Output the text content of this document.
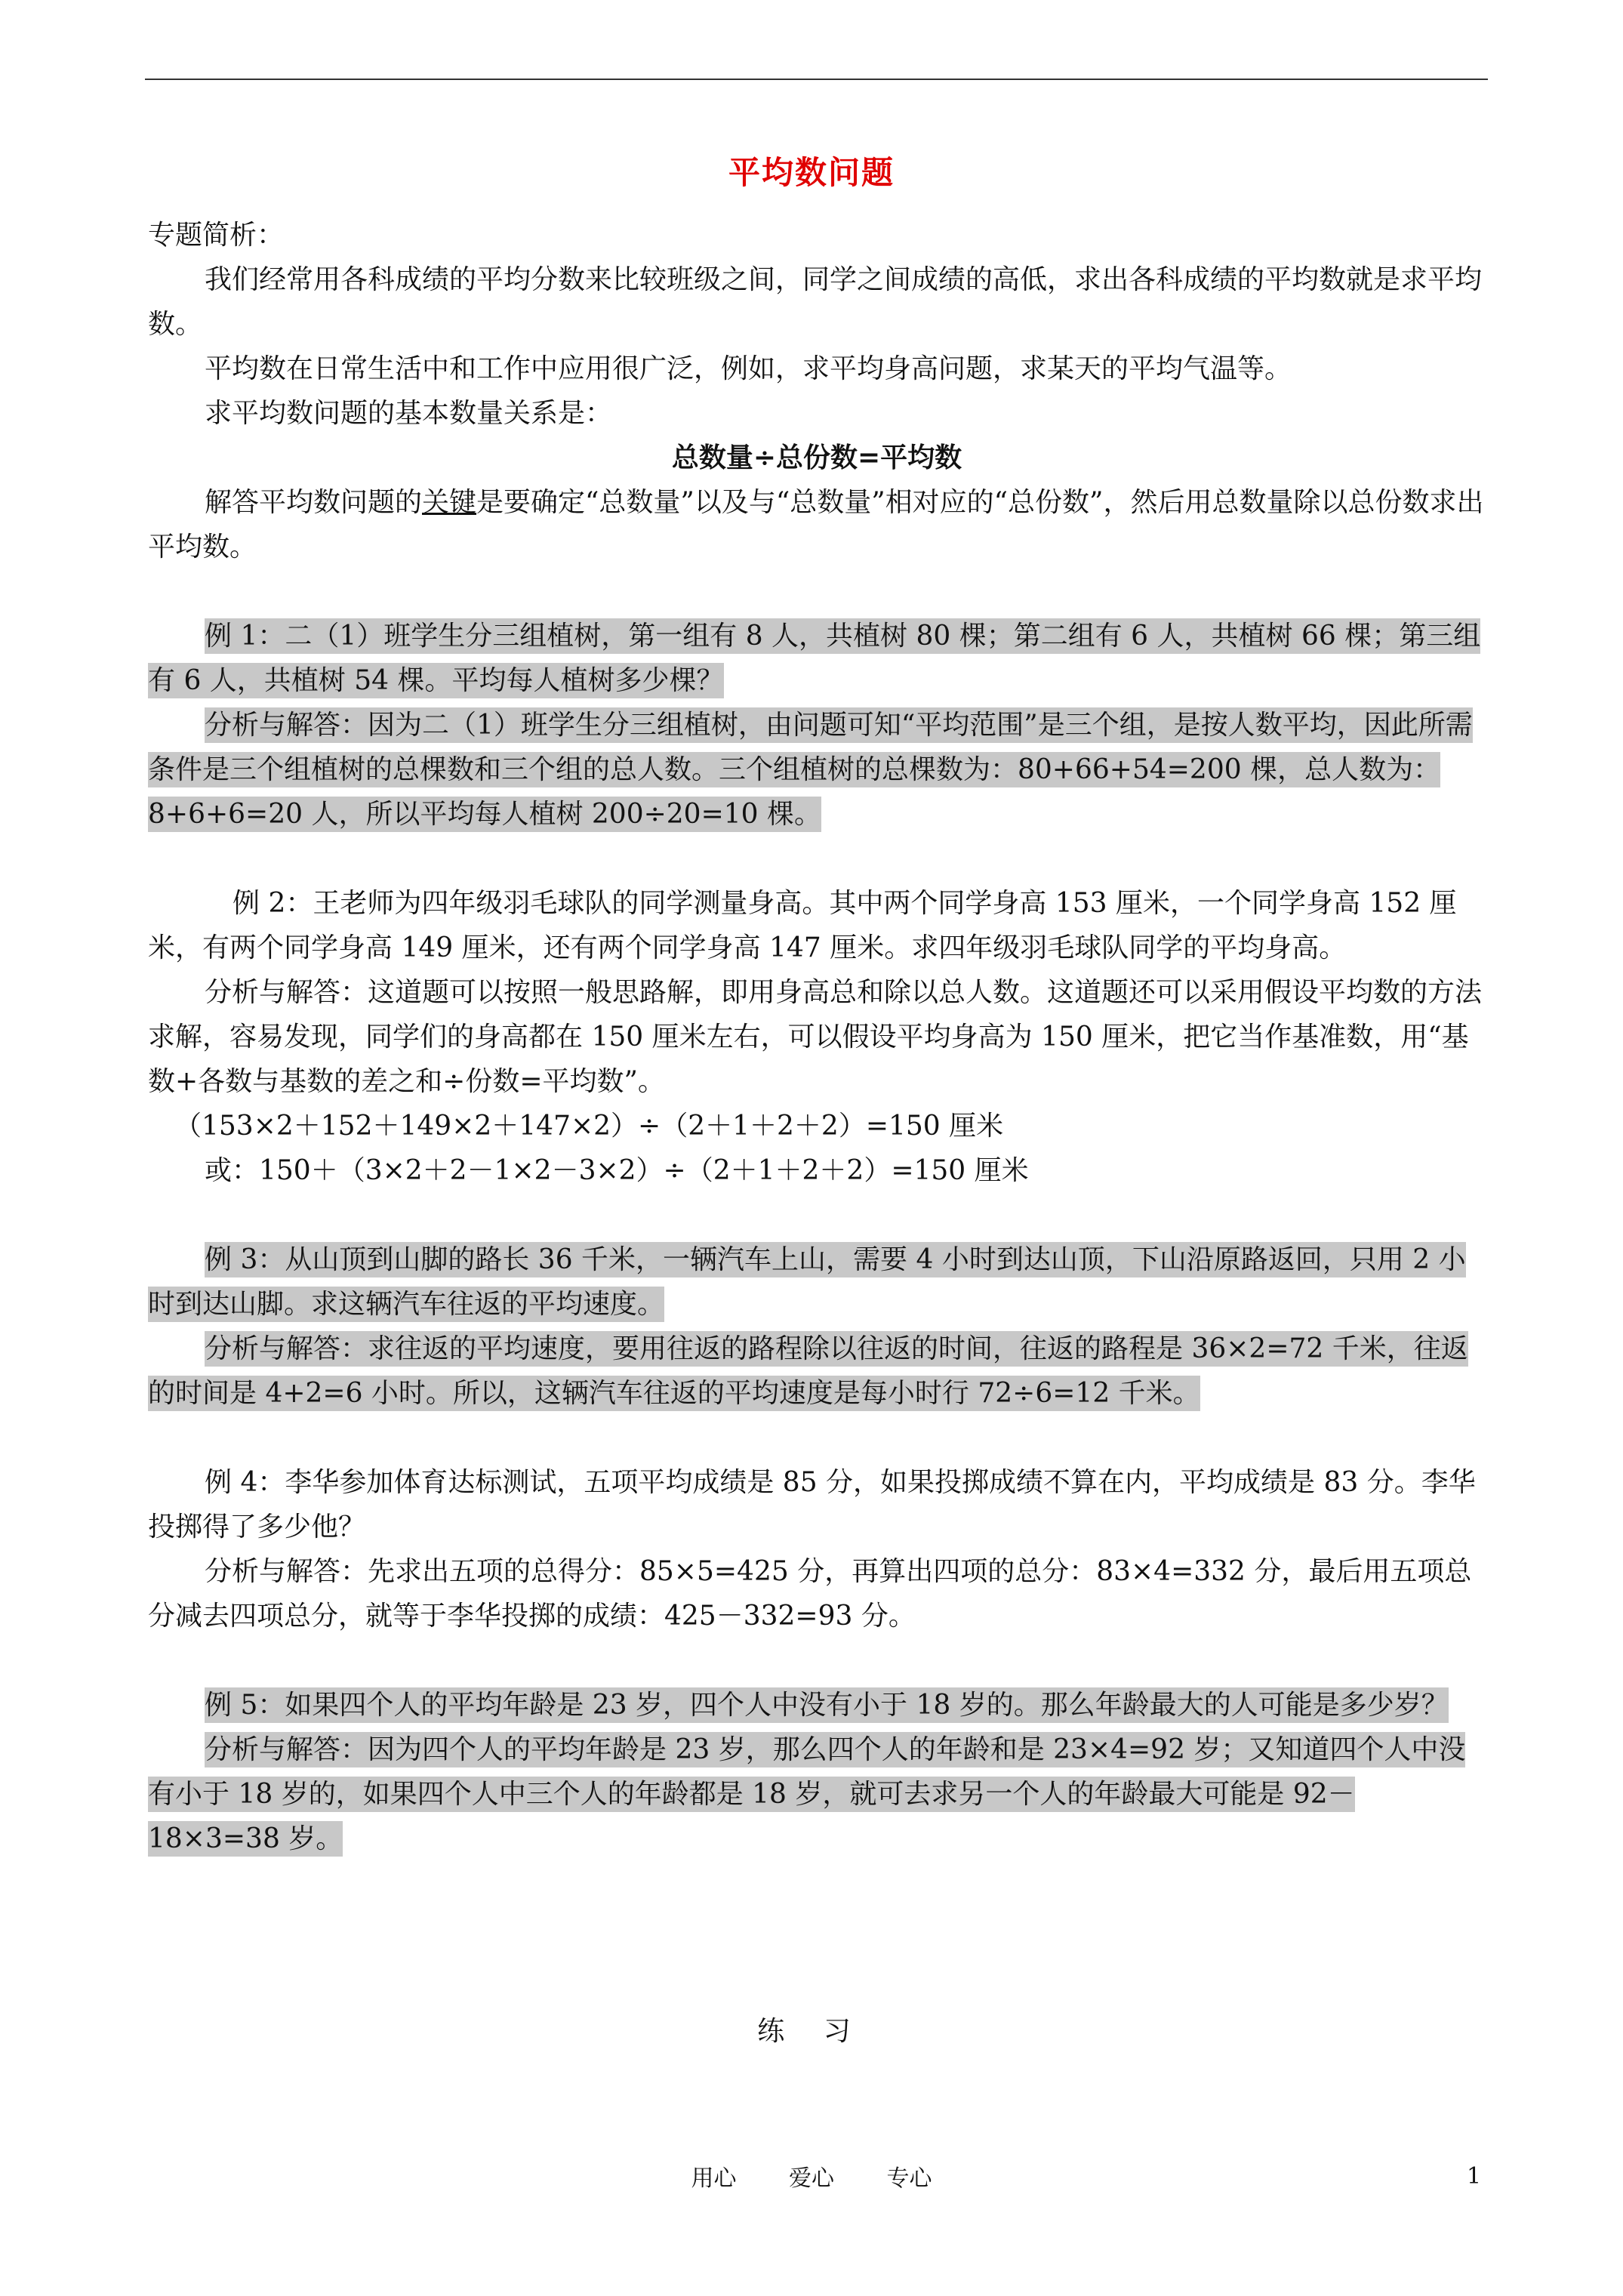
平均数问题

专题简析：

我们经常用各科成绩的平均分数来比较班级之间，同学之间成绩的高低，求出各科成绩的平均数就是求平均数。

平均数在日常生活中和工作中应用很广泛，例如，求平均身高问题，求某天的平均气温等。

求平均数问题的基本数量关系是：

总数量÷总份数=平均数

解答平均数问题的关键是要确定“总数量”以及与“总数量”相对应的“总份数”，然后用总数量除以总份数求出平均数。

例 1：二（1）班学生分三组植树，第一组有 8 人，共植树 80 棵；第二组有 6 人，共植树 66 棵；第三组有 6 人，共植树 54 棵。平均每人植树多少棵？

分析与解答：因为二（1）班学生分三组植树，由问题可知“平均范围”是三个组，是按人数平均，因此所需条件是三个组植树的总棵数和三个组的总人数。三个组植树的总棵数为：80+66+54=200 棵，总人数为：8+6+6=20 人，所以平均每人植树 200÷20=10 棵。

例 2：王老师为四年级羽毛球队的同学测量身高。其中两个同学身高 153 厘米，一个同学身高 152 厘米，有两个同学身高 149 厘米，还有两个同学身高 147 厘米。求四年级羽毛球队同学的平均身高。

分析与解答：这道题可以按照一般思路解，即用身高总和除以总人数。这道题还可以采用假设平均数的方法求解，容易发现，同学们的身高都在 150 厘米左右，可以假设平均身高为 150 厘米，把它当作基准数，用“基数+各数与基数的差之和÷份数=平均数”。

（153×2＋152＋149×2＋147×2）÷（2＋1＋2＋2）=150 厘米

或：150＋（3×2＋2－1×2－3×2）÷（2＋1＋2＋2）=150 厘米

例 3：从山顶到山脚的路长 36 千米，一辆汽车上山，需要 4 小时到达山顶，下山沿原路返回，只用 2 小时到达山脚。求这辆汽车往返的平均速度。

分析与解答：求往返的平均速度，要用往返的路程除以往返的时间，往返的路程是 36×2=72 千米，往返的时间是 4+2=6 小时。所以，这辆汽车往返的平均速度是每小时行 72÷6=12 千米。

例 4：李华参加体育达标测试，五项平均成绩是 85 分，如果投掷成绩不算在内，平均成绩是 83 分。李华投掷得了多少他？

分析与解答：先求出五项的总得分：85×5=425 分，再算出四项的总分：83×4=332 分，最后用五项总分减去四项总分，就等于李华投掷的成绩：425－332=93 分。

例 5：如果四个人的平均年龄是 23 岁，四个人中没有小于 18 岁的。那么年龄最大的人可能是多少岁？

分析与解答：因为四个人的平均年龄是 23 岁，那么四个人的年龄和是 23×4=92 岁；又知道四个人中没有小于 18 岁的，如果四个人中三个人的年龄都是 18 岁，就可去求另一个人的年龄最大可能是 92－18×3=38 岁。

练 习
用心 爱心 专心	1
